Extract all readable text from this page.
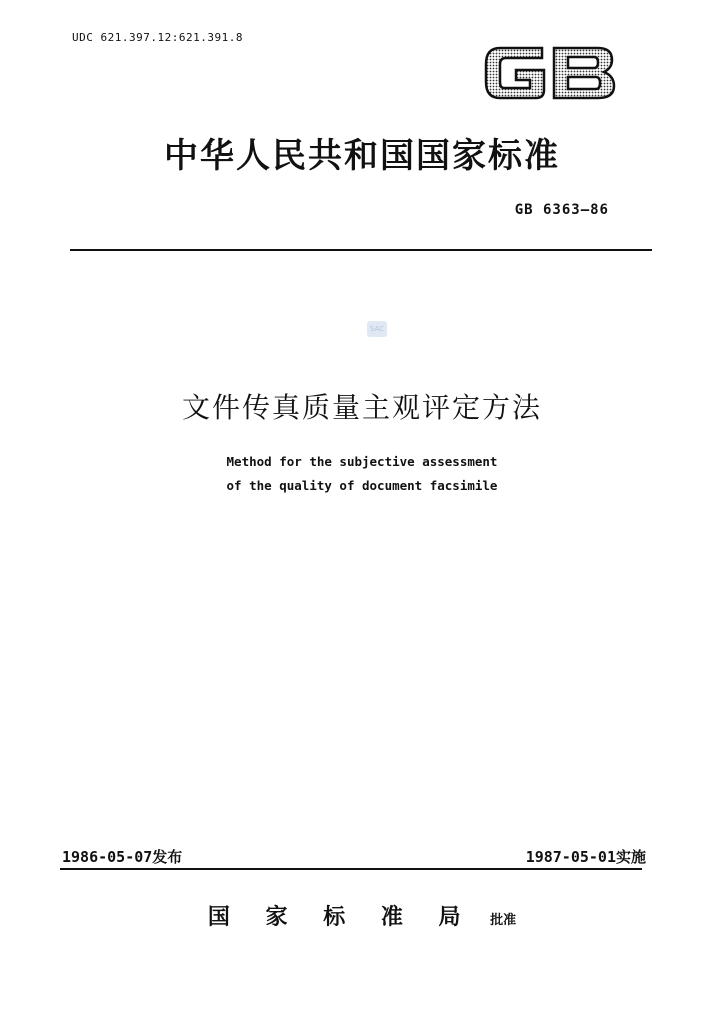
UDC 621.397.12:621.391.8
中华人民共和国国家标准
GB 6363—86
SAC
文件传真质量主观评定方法
Method for the subjective assessment
of the quality of document facsimile
1986-05-07发布	1987-05-01实施
国 家 标 准 局 批准
